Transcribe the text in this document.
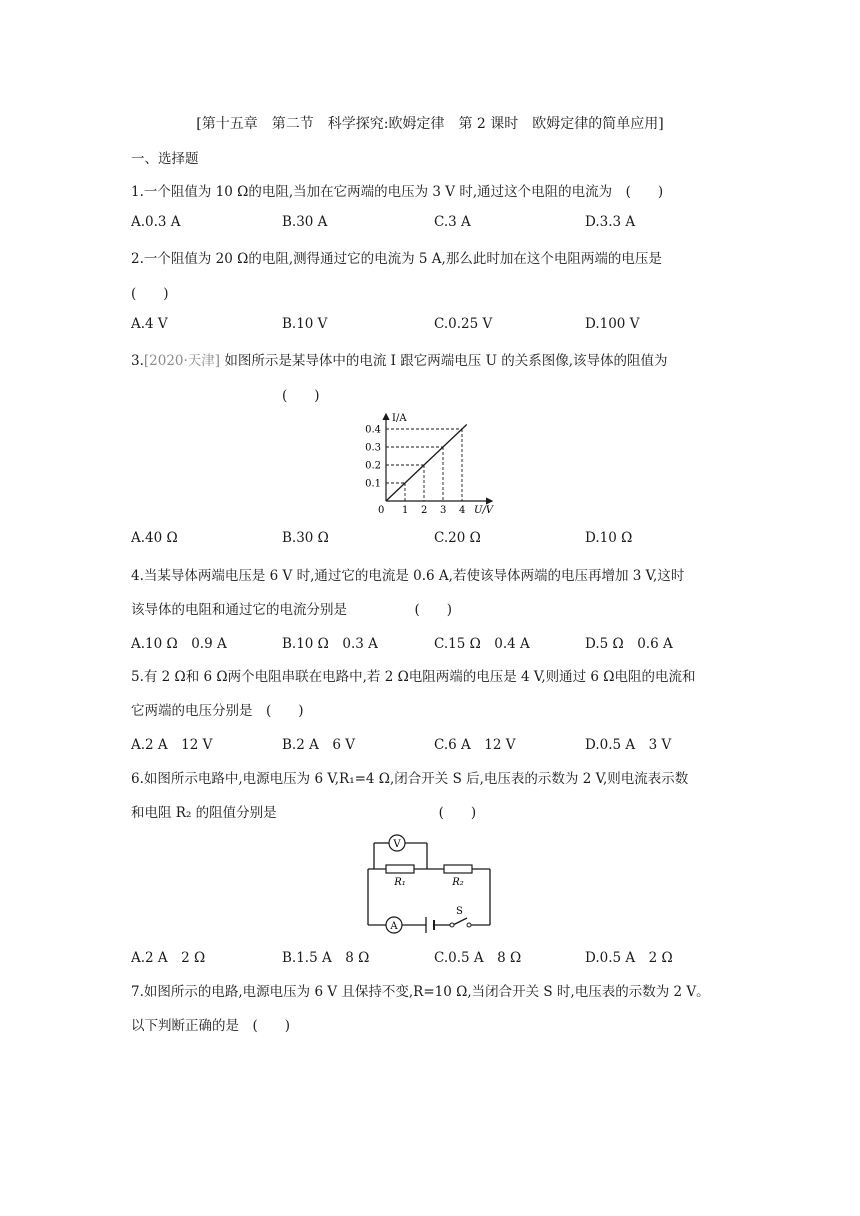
[第十五章　第二节　科学探究:欧姆定律　第 2 课时　欧姆定律的简单应用]
一、选择题
1.一个阻值为 10 Ω的电阻,当加在它两端的电压为 3 V 时,通过这个电阻的电流为　(　　)
A.0.3 A	B.30 A	C.3 A	D.3.3 A
2.一个阻值为 20 Ω的电阻,测得通过它的电流为 5 A,那么此时加在这个电阻两端的电压是
(　　)
A.4 V	B.10 V	C.0.25 V	D.100 V
3.[2020·天津] 如图所示是某导体中的电流 I 跟它两端电压 U 的关系图像,该导体的阻值为
(　　)
I/A
0	U/V
1 2 3 4
0.1
0.2
0.3
0.4
A.40 Ω	B.30 Ω	C.20 Ω	D.10 Ω
4.当某导体两端电压是 6 V 时,通过它的电流是 0.6 A,若使该导体两端的电压再增加 3 V,这时
该导体的电阻和通过它的电流分别是　　　　　(　　)
A.10 Ω　0.9 A	B.10 Ω　0.3 A	C.15 Ω　0.4 A	D.5 Ω　0.6 A
5.有 2 Ω和 6 Ω两个电阻串联在电路中,若 2 Ω电阻两端的电压是 4 V,则通过 6 Ω电阻的电流和
它两端的电压分别是　(　　)
A.2 A　12 V	B.2 A　6 V	C.6 A　12 V	D.0.5 A　3 V
6.如图所示电路中,电源电压为 6 V,R₁=4 Ω,闭合开关 S 后,电压表的示数为 2 V,则电流表示数
和电阻 R₂ 的阻值分别是　　　　　　　　　　　　(　　)
V
A
R₁	R₂
S
A.2 A　2 Ω	B.1.5 A　8 Ω	C.0.5 A　8 Ω	D.0.5 A　2 Ω
7.如图所示的电路,电源电压为 6 V 且保持不变,R=10 Ω,当闭合开关 S 时,电压表的示数为 2 V。
以下判断正确的是　(　　)
